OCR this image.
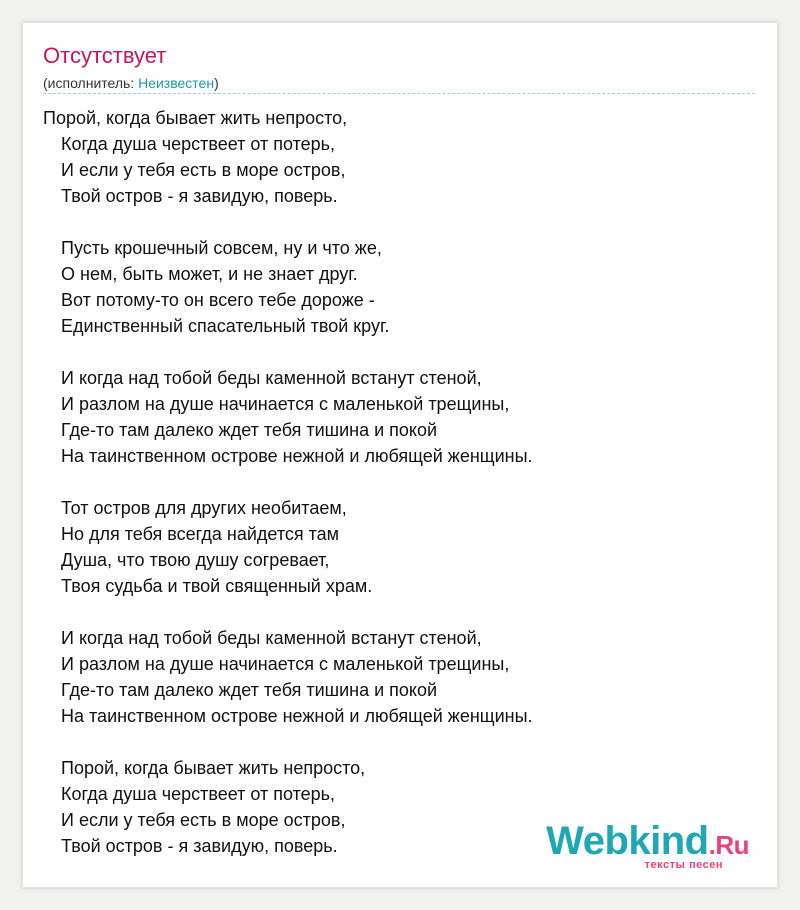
Отсутствует
(исполнитель: Неизвестен)
Порой, когда бывает жить непросто,
Когда душа черствеет от потерь,
И если у тебя есть в море остров,
Твой остров - я завидую, поверь.
Пусть крошечный совсем, ну и что же,
О нем, быть может, и не знает друг.
Вот потому-то он всего тебе дороже -
Единственный спасательный твой круг.
И когда над тобой беды каменной встанут стеной,
И разлом на душе начинается с маленькой трещины,
Где-то там далеко ждет тебя тишина и покой
На таинственном острове нежной и любящей женщины.
Тот остров для других необитаем,
Но для тебя всегда найдется там
Душа, что твою душу согревает,
Твоя судьба и твой священный храм.
И когда над тобой беды каменной встанут стеной,
И разлом на душе начинается с маленькой трещины,
Где-то там далеко ждет тебя тишина и покой
На таинственном острове нежной и любящей женщины.
Порой, когда бывает жить непросто,
Когда душа черствеет от потерь,
И если у тебя есть в море остров,
Твой остров - я завидую, поверь.	Webkind.Ru
тексты песен
